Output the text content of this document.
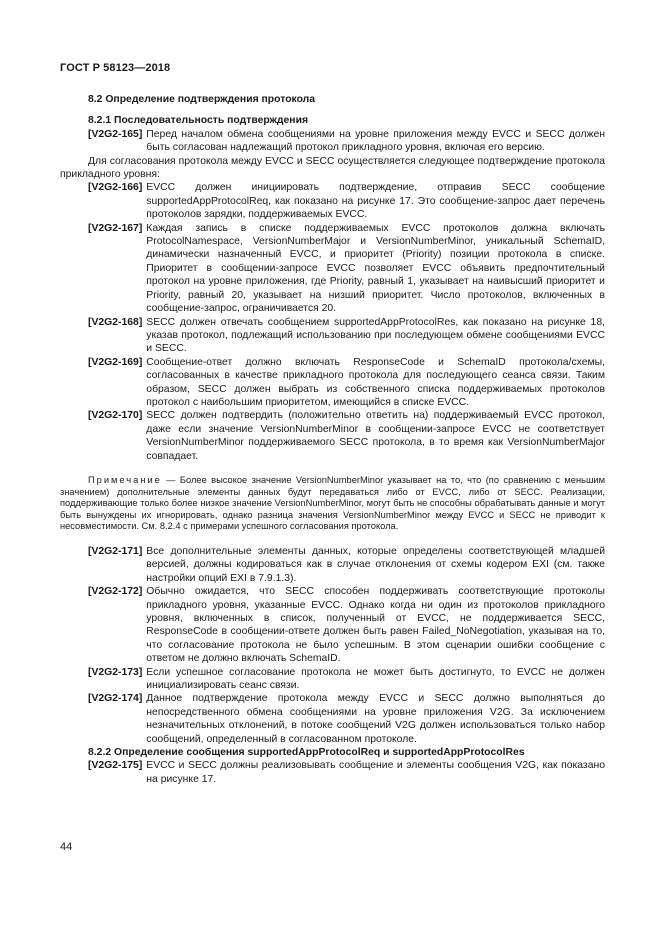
ГОСТ Р 58123—2018
8.2 Определение подтверждения протокола
8.2.1 Последовательность подтверждения
[V2G2-165] Перед началом обмена сообщениями на уровне приложения между EVCC и SECC должен быть согласован надлежащий протокол прикладного уровня, включая его версию.
Для согласования протокола между EVCC и SECC осуществляется следующее подтверждение протокола прикладного уровня:
[V2G2-166] EVCC должен инициировать подтверждение, отправив SECC сообщение supportedAppProtocolReq, как показано на рисунке 17. Это сообщение-запрос дает перечень протоколов зарядки, поддерживаемых EVCC.
[V2G2-167] Каждая запись в списке поддерживаемых EVCC протоколов должна включать ProtocolNamespace, VersionNumberMajor и VersionNumberMinor, уникальный SchemaID, динамически назначенный EVCC, и приоритет (Priority) позиции протокола в списке. Приоритет в сообщении-запросе EVCC позволяет EVCC объявить предпочтительный протокол на уровне приложения, где Priority, равный 1, указывает на наивысший приоритет и Priority, равный 20, указывает на низший приоритет. Число протоколов, включенных в сообщение-запрос, ограничивается 20.
[V2G2-168] SECC должен отвечать сообщением supportedAppProtocolRes, как показано на рисунке 18, указав протокол, подлежащий использованию при последующем обмене сообщениями EVCC и SECC.
[V2G2-169] Сообщение-ответ должно включать ResponseCode и SchemaID протокола/схемы, согласованных в качестве прикладного протокола для последующего сеанса связи. Таким образом, SECC должен выбрать из собственного списка поддерживаемых протоколов протокол с наибольшим приоритетом, имеющийся в списке EVCC.
[V2G2-170] SECC должен подтвердить (положительно ответить на) поддерживаемый EVCC протокол, даже если значение VersionNumberMinor в сообщении-запросе EVCC не соответствует VersionNumberMinor поддерживаемого SECC протокола, в то время как VersionNumberMajor совпадает.
Примечание — Более высокое значение VersionNumberMinor указывает на то, что (по сравнению с меньшим значением) дополнительные элементы данных будут передаваться либо от EVCC, либо от SECC. Реализации, поддерживающие только более низкое значение VersionNumberMinor, могут быть не способны обрабатывать данные и могут быть вынуждены их игнорировать, однако разница значения VersionNumberMinor между EVCC и SECC не приводит к несовместимости. См. 8.2.4 с примерами успешного согласования протокола.
[V2G2-171] Все дополнительные элементы данных, которые определены соответствующей младшей версией, должны кодироваться как в случае отклонения от схемы кодером EXI (см. также настройки опций EXI в 7.9.1.3).
[V2G2-172] Обычно ожидается, что SECC способен поддерживать соответствующие протоколы прикладного уровня, указанные EVCC. Однако когда ни один из протоколов прикладного уровня, включенных в список, полученный от EVCC, не поддерживается SECC, ResponseCode в сообщении-ответе должен быть равен Failed_NoNegotiation, указывая на то, что согласование протокола не было успешным. В этом сценарии ошибки сообщение с ответом не должно включать SchemaID.
[V2G2-173] Если успешное согласование протокола не может быть достигнуто, то EVCC не должен инициализировать сеанс связи.
[V2G2-174] Данное подтверждение протокола между EVCC и SECC должно выполняться до непосредственного обмена сообщениями на уровне приложения V2G. За исключением незначительных отклонений, в потоке сообщений V2G должен использоваться только набор сообщений, определенный в согласованном протоколе.
8.2.2 Определение сообщения supportedAppProtocolReq и supportedAppProtocolRes
[V2G2-175] EVCC и SECC должны реализовывать сообщение и элементы сообщения V2G, как показано на рисунке 17.
44
